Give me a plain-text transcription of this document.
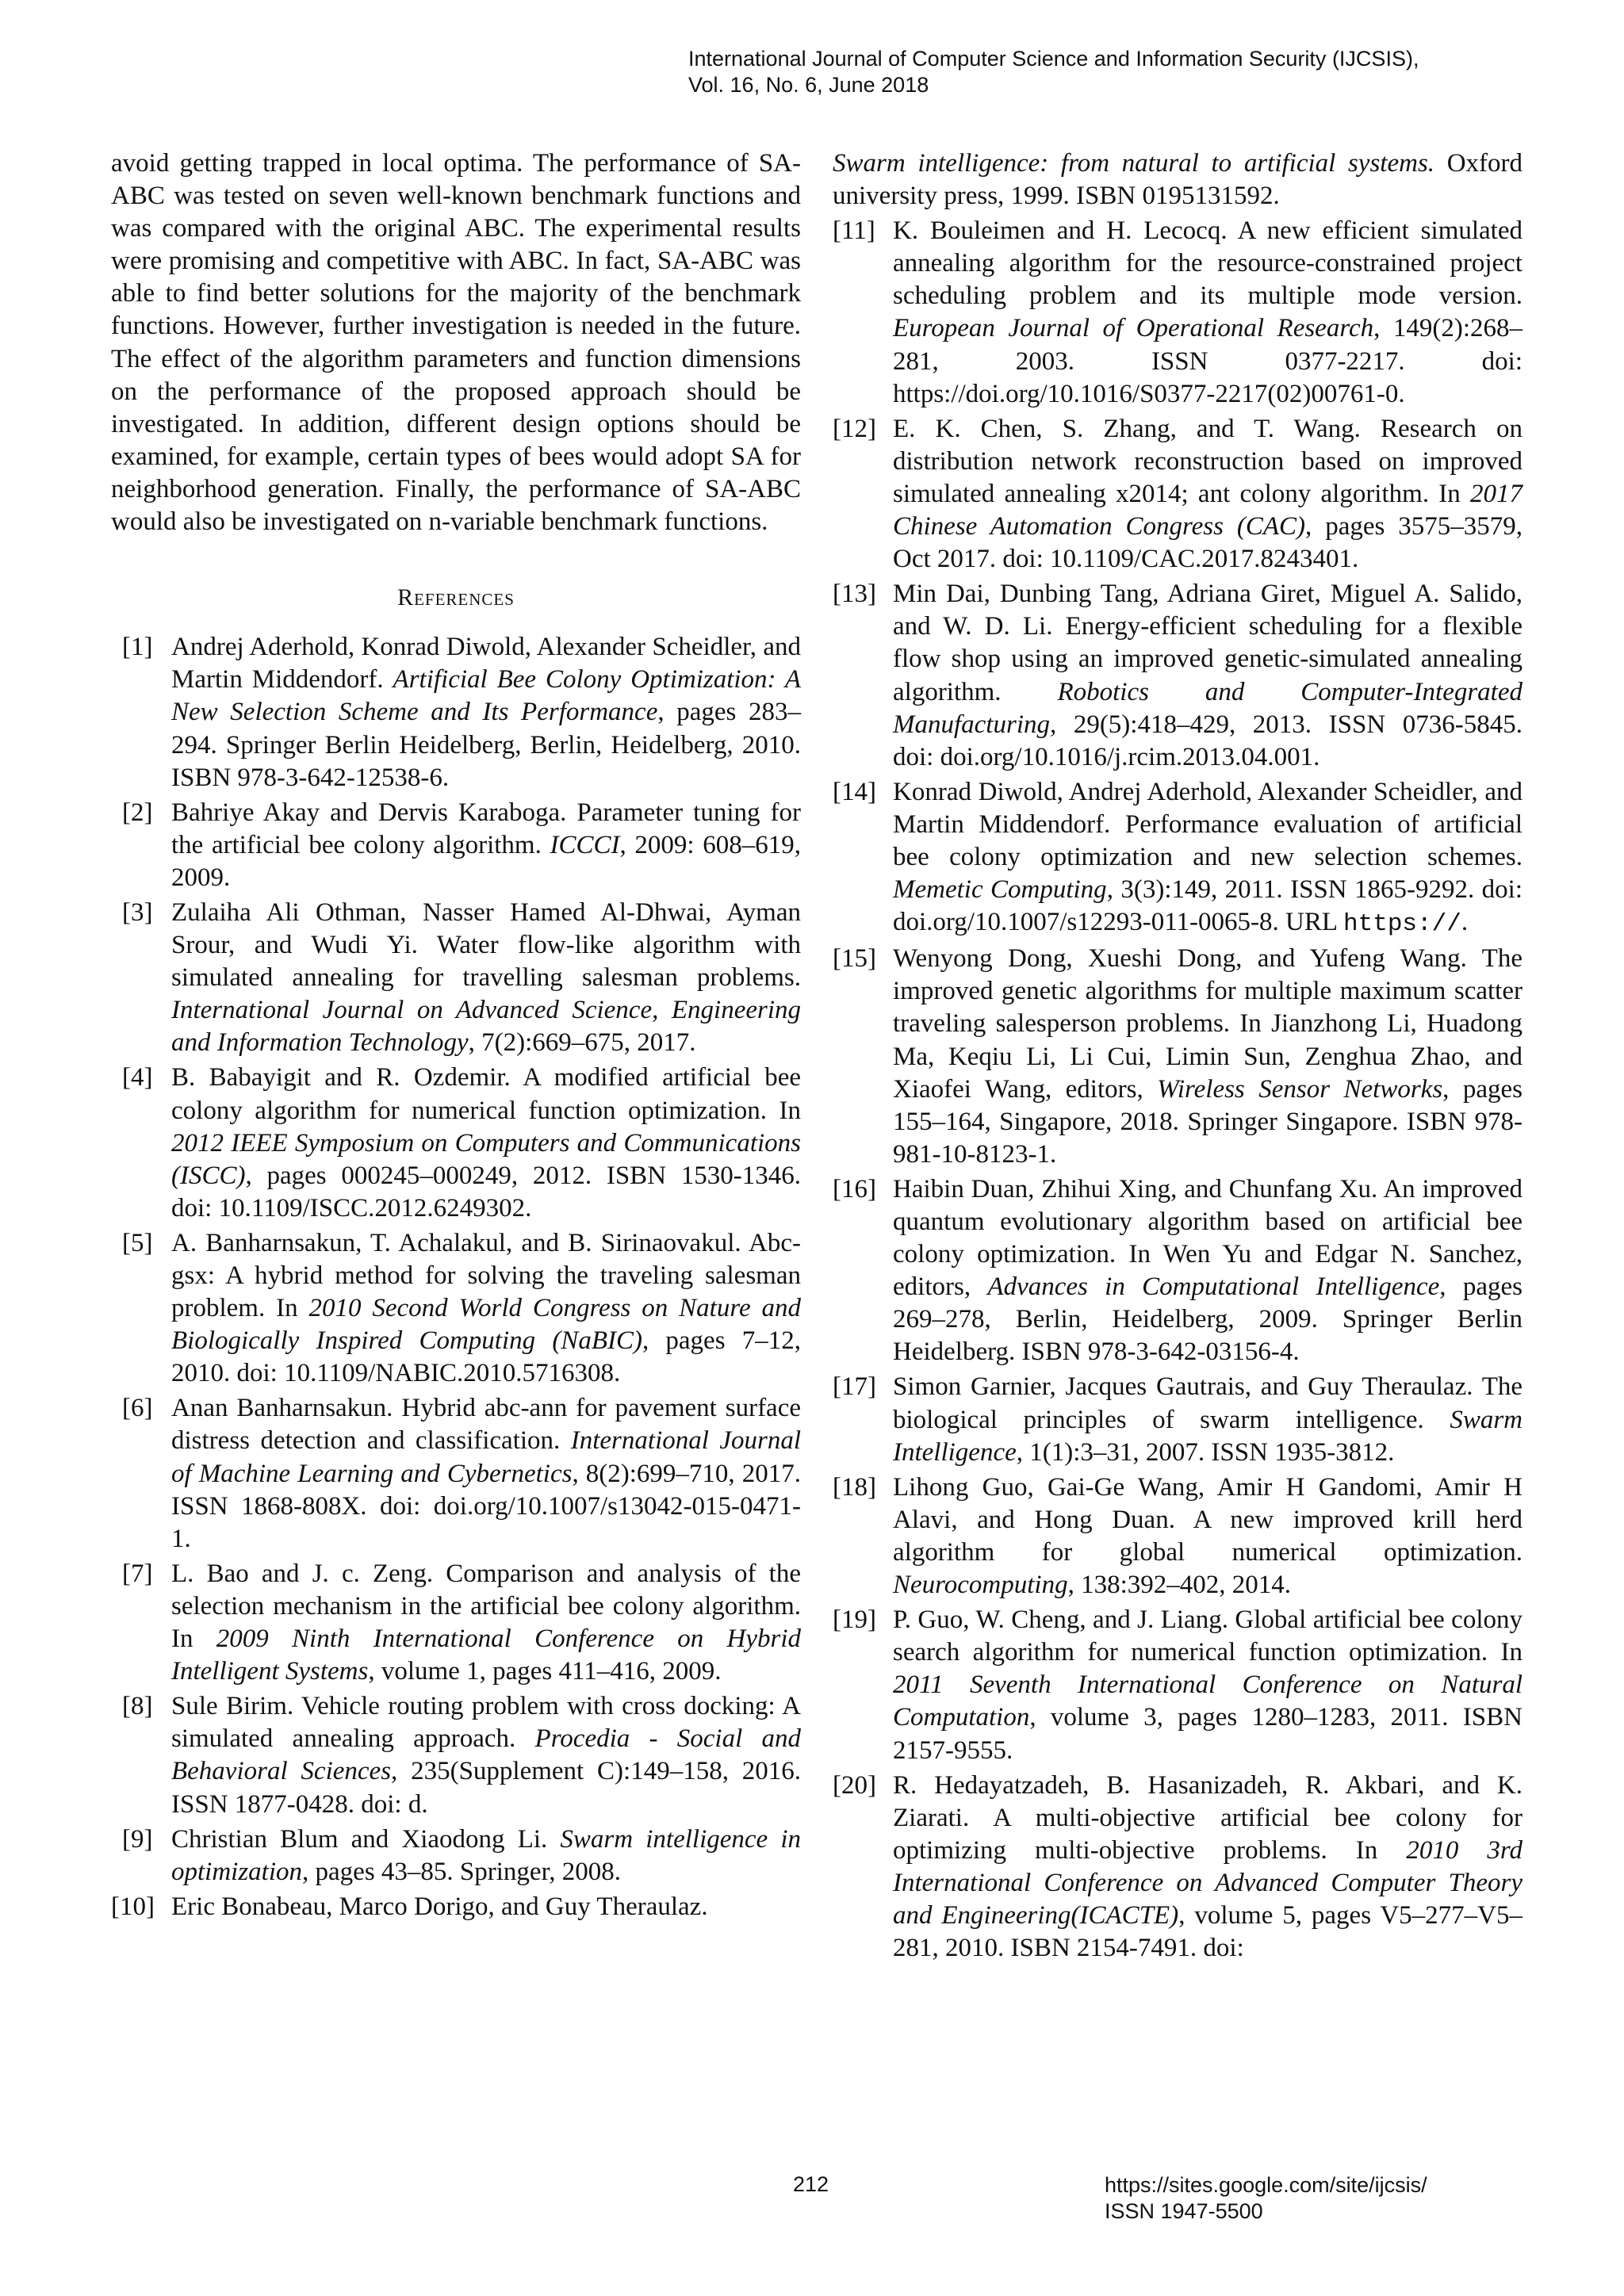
International Journal of Computer Science and Information Security (IJCSIS),
Vol. 16, No. 6, June 2018

avoid getting trapped in local optima. The performance of SA-ABC was tested on seven well-known benchmark functions and was compared with the original ABC. The experimental results were promising and competitive with ABC. In fact, SA-ABC was able to find better solutions for the majority of the benchmark functions. However, further investigation is needed in the future. The effect of the algorithm parameters and function dimensions on the performance of the proposed approach should be investigated. In addition, different design options should be examined, for example, certain types of bees would adopt SA for neighborhood generation. Finally, the performance of SA-ABC would also be investigated on n-variable benchmark functions.

References
[1] Andrej Aderhold, Konrad Diwold, Alexander Scheidler, and Martin Middendorf. Artificial Bee Colony Optimization: A New Selection Scheme and Its Performance, pages 283–294. Springer Berlin Heidelberg, Berlin, Heidelberg, 2010. ISBN 978-3-642-12538-6.
[2] Bahriye Akay and Dervis Karaboga. Parameter tuning for the artificial bee colony algorithm. ICCCI, 2009: 608–619, 2009.
[3] Zulaiha Ali Othman, Nasser Hamed Al-Dhwai, Ayman Srour, and Wudi Yi. Water flow-like algorithm with simulated annealing for travelling salesman problems. International Journal on Advanced Science, Engineering and Information Technology, 7(2):669–675, 2017.
[4] B. Babayigit and R. Ozdemir. A modified artificial bee colony algorithm for numerical function optimization. In 2012 IEEE Symposium on Computers and Communications (ISCC), pages 000245–000249, 2012. ISBN 1530-1346. doi: 10.1109/ISCC.2012.6249302.
[5] A. Banharnsakun, T. Achalakul, and B. Sirinaovakul. Abc-gsx: A hybrid method for solving the traveling salesman problem. In 2010 Second World Congress on Nature and Biologically Inspired Computing (NaBIC), pages 7–12, 2010. doi: 10.1109/NABIC.2010.5716308.
[6] Anan Banharnsakun. Hybrid abc-ann for pavement surface distress detection and classification. International Journal of Machine Learning and Cybernetics, 8(2):699–710, 2017. ISSN 1868-808X. doi: doi.org/10.1007/s13042-015-0471-1.
[7] L. Bao and J. c. Zeng. Comparison and analysis of the selection mechanism in the artificial bee colony algorithm. In 2009 Ninth International Conference on Hybrid Intelligent Systems, volume 1, pages 411–416, 2009.
[8] Sule Birim. Vehicle routing problem with cross docking: A simulated annealing approach. Procedia - Social and Behavioral Sciences, 235(Supplement C):149–158, 2016. ISSN 1877-0428. doi: d.
[9] Christian Blum and Xiaodong Li. Swarm intelligence in optimization, pages 43–85. Springer, 2008.
[10] Eric Bonabeau, Marco Dorigo, and Guy Theraulaz.

Swarm intelligence: from natural to artificial systems. Oxford university press, 1999. ISBN 0195131592.

[11] K. Bouleimen and H. Lecocq. A new efficient simulated annealing algorithm for the resource-constrained project scheduling problem and its multiple mode version. European Journal of Operational Research, 149(2):268–281, 2003. ISSN 0377-2217. doi: https://doi.org/10.1016/S0377-2217(02)00761-0.
[12] E. K. Chen, S. Zhang, and T. Wang. Research on distribution network reconstruction based on improved simulated annealing x2014; ant colony algorithm. In 2017 Chinese Automation Congress (CAC), pages 3575–3579, Oct 2017. doi: 10.1109/CAC.2017.8243401.
[13] Min Dai, Dunbing Tang, Adriana Giret, Miguel A. Salido, and W. D. Li. Energy-efficient scheduling for a flexible flow shop using an improved genetic-simulated annealing algorithm. Robotics and Computer-Integrated Manufacturing, 29(5):418–429, 2013. ISSN 0736-5845. doi: doi.org/10.1016/j.rcim.2013.04.001.
[14] Konrad Diwold, Andrej Aderhold, Alexander Scheidler, and Martin Middendorf. Performance evaluation of artificial bee colony optimization and new selection schemes. Memetic Computing, 3(3):149, 2011. ISSN 1865-9292. doi: doi.org/10.1007/s12293-011-0065-8. URL https://.
[15] Wenyong Dong, Xueshi Dong, and Yufeng Wang. The improved genetic algorithms for multiple maximum scatter traveling salesperson problems. In Jianzhong Li, Huadong Ma, Keqiu Li, Li Cui, Limin Sun, Zenghua Zhao, and Xiaofei Wang, editors, Wireless Sensor Networks, pages 155–164, Singapore, 2018. Springer Singapore. ISBN 978-981-10-8123-1.
[16] Haibin Duan, Zhihui Xing, and Chunfang Xu. An improved quantum evolutionary algorithm based on artificial bee colony optimization. In Wen Yu and Edgar N. Sanchez, editors, Advances in Computational Intelligence, pages 269–278, Berlin, Heidelberg, 2009. Springer Berlin Heidelberg. ISBN 978-3-642-03156-4.
[17] Simon Garnier, Jacques Gautrais, and Guy Theraulaz. The biological principles of swarm intelligence. Swarm Intelligence, 1(1):3–31, 2007. ISSN 1935-3812.
[18] Lihong Guo, Gai-Ge Wang, Amir H Gandomi, Amir H Alavi, and Hong Duan. A new improved krill herd algorithm for global numerical optimization. Neurocomputing, 138:392–402, 2014.
[19] P. Guo, W. Cheng, and J. Liang. Global artificial bee colony search algorithm for numerical function optimization. In 2011 Seventh International Conference on Natural Computation, volume 3, pages 1280–1283, 2011. ISBN 2157-9555.
[20] R. Hedayatzadeh, B. Hasanizadeh, R. Akbari, and K. Ziarati. A multi-objective artificial bee colony for optimizing multi-objective problems. In 2010 3rd International Conference on Advanced Computer Theory and Engineering(ICACTE), volume 5, pages V5–277–V5–281, 2010. ISBN 2154-7491. doi:
212	https://sites.google.com/site/ijcsis/
ISSN 1947-5500
